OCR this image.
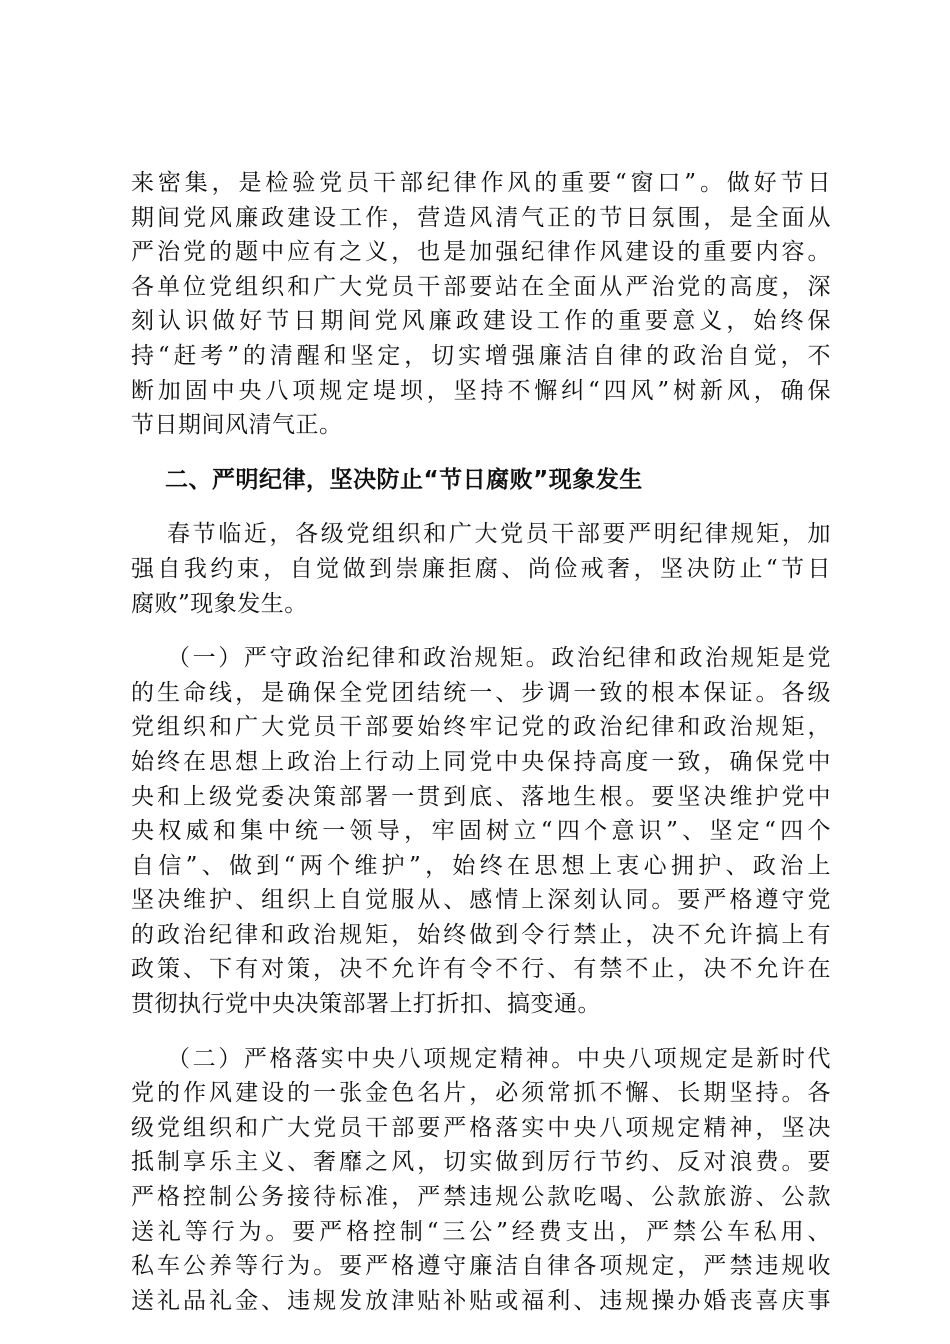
来密集，是检验党员干部纪律作风的重要“窗口”。做好节日
期间党风廉政建设工作，营造风清气正的节日氛围，是全面从
严治党的题中应有之义，也是加强纪律作风建设的重要内容。
各单位党组织和广大党员干部要站在全面从严治党的高度，深
刻认识做好节日期间党风廉政建设工作的重要意义，始终保
持“赶考”的清醒和坚定，切实增强廉洁自律的政治自觉，不
断加固中央八项规定堤坝，坚持不懈纠“四风”树新风，确保
节日期间风清气正。
二、严明纪律，坚决防止“节日腐败”现象发生
春节临近，各级党组织和广大党员干部要严明纪律规矩，加
强自我约束，自觉做到崇廉拒腐、尚俭戒奢，坚决防止“节日
腐败”现象发生。
（一）严守政治纪律和政治规矩。政治纪律和政治规矩是党
的生命线，是确保全党团结统一、步调一致的根本保证。各级
党组织和广大党员干部要始终牢记党的政治纪律和政治规矩，
始终在思想上政治上行动上同党中央保持高度一致，确保党中
央和上级党委决策部署一贯到底、落地生根。要坚决维护党中
央权威和集中统一领导，牢固树立“四个意识”、坚定“四个
自信”、做到“两个维护”，始终在思想上衷心拥护、政治上
坚决维护、组织上自觉服从、感情上深刻认同。要严格遵守党
的政治纪律和政治规矩，始终做到令行禁止，决不允许搞上有
政策、下有对策，决不允许有令不行、有禁不止，决不允许在
贯彻执行党中央决策部署上打折扣、搞变通。
（二）严格落实中央八项规定精神。中央八项规定是新时代
党的作风建设的一张金色名片，必须常抓不懈、长期坚持。各
级党组织和广大党员干部要严格落实中央八项规定精神，坚决
抵制享乐主义、奢靡之风，切实做到厉行节约、反对浪费。要
严格控制公务接待标准，严禁违规公款吃喝、公款旅游、公款
送礼等行为。要严格控制“三公”经费支出，严禁公车私用、
私车公养等行为。要严格遵守廉洁自律各项规定，严禁违规收
送礼品礼金、违规发放津贴补贴或福利、违规操办婚丧喜庆事
